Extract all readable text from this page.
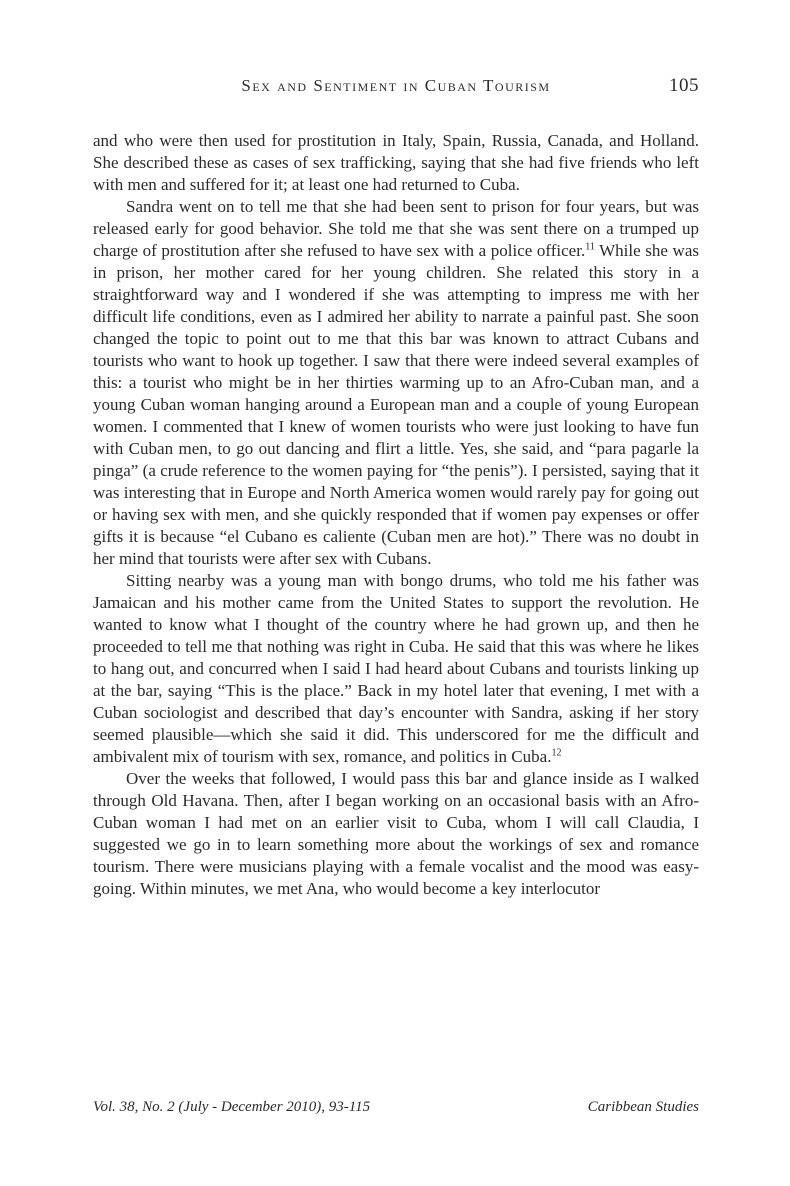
Sex and Sentiment in Cuban Tourism	105

and who were then used for prostitution in Italy, Spain, Russia, Canada, and Holland. She described these as cases of sex trafficking, saying that she had five friends who left with men and suffered for it; at least one had returned to Cuba.

Sandra went on to tell me that she had been sent to prison for four years, but was released early for good behavior. She told me that she was sent there on a trumped up charge of prostitution after she refused to have sex with a police officer.$^{11}$ While she was in prison, her mother cared for her young children. She related this story in a straightforward way and I wondered if she was attempting to impress me with her difficult life conditions, even as I admired her ability to narrate a painful past. She soon changed the topic to point out to me that this bar was known to attract Cubans and tourists who want to hook up together. I saw that there were indeed several examples of this: a tourist who might be in her thirties warming up to an Afro-Cuban man, and a young Cuban woman hanging around a European man and a couple of young European women. I commented that I knew of women tourists who were just looking to have fun with Cuban men, to go out dancing and flirt a little. Yes, she said, and “para pagarle la pinga” (a crude reference to the women paying for “the penis”). I persisted, saying that it was interesting that in Europe and North America women would rarely pay for going out or having sex with men, and she quickly responded that if women pay expenses or offer gifts it is because “el Cubano es caliente (Cuban men are hot).” There was no doubt in her mind that tourists were after sex with Cubans.

Sitting nearby was a young man with bongo drums, who told me his father was Jamaican and his mother came from the United States to support the revolution. He wanted to know what I thought of the country where he had grown up, and then he proceeded to tell me that nothing was right in Cuba. He said that this was where he likes to hang out, and concurred when I said I had heard about Cubans and tourists linking up at the bar, saying “This is the place.” Back in my hotel later that evening, I met with a Cuban sociologist and described that day’s encounter with Sandra, asking if her story seemed plausible—which she said it did. This underscored for me the difficult and ambivalent mix of tourism with sex, romance, and politics in Cuba.$^{12}$

Over the weeks that followed, I would pass this bar and glance inside as I walked through Old Havana. Then, after I began working on an occasional basis with an Afro-Cuban woman I had met on an earlier visit to Cuba, whom I will call Claudia, I suggested we go in to learn something more about the workings of sex and romance tourism. There were musicians playing with a female vocalist and the mood was easy-going. Within minutes, we met Ana, who would become a key interlocutor

Vol. 38, No. 2 (July - December 2010), 93-115	Caribbean Studies
